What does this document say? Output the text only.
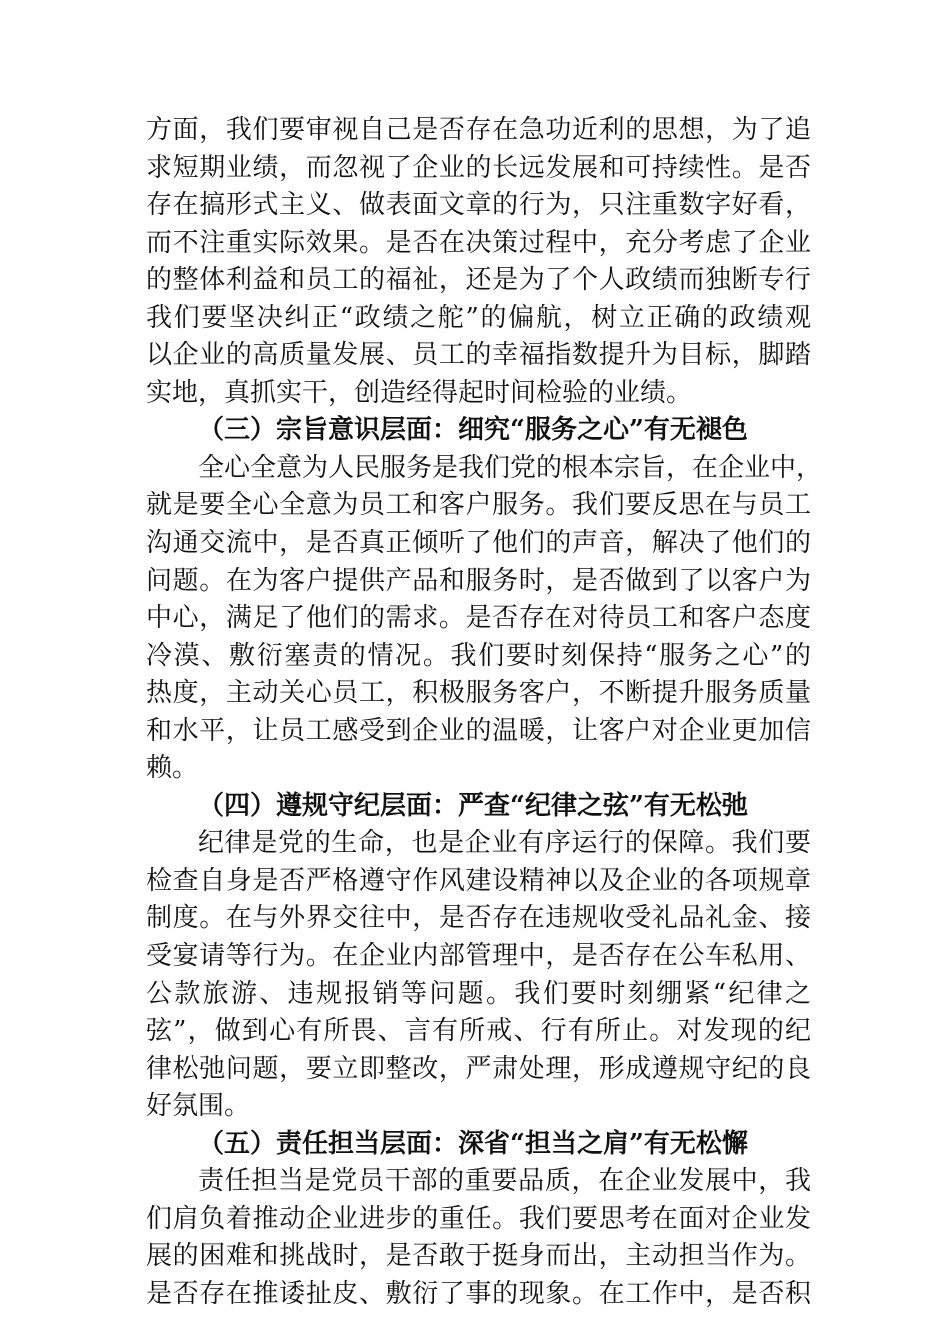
方面，我们要审视自己是否存在急功近利的思想，为了追
求短期业绩，而忽视了企业的长远发展和可持续性。是否
存在搞形式主义、做表面文章的行为，只注重数字好看，
而不注重实际效果。是否在决策过程中，充分考虑了企业
的整体利益和员工的福祉，还是为了个人政绩而独断专行
我们要坚决纠正“政绩之舵”的偏航，树立正确的政绩观
以企业的高质量发展、员工的幸福指数提升为目标，脚踏
实地，真抓实干，创造经得起时间检验的业绩。
（三）宗旨意识层面：细究“服务之心”有无褪色
全心全意为人民服务是我们党的根本宗旨，在企业中，
就是要全心全意为员工和客户服务。我们要反思在与员工
沟通交流中，是否真正倾听了他们的声音，解决了他们的
问题。在为客户提供产品和服务时，是否做到了以客户为
中心，满足了他们的需求。是否存在对待员工和客户态度
冷漠、敷衍塞责的情况。我们要时刻保持“服务之心”的
热度，主动关心员工，积极服务客户，不断提升服务质量
和水平，让员工感受到企业的温暖，让客户对企业更加信
赖。
（四）遵规守纪层面：严查“纪律之弦”有无松弛
纪律是党的生命，也是企业有序运行的保障。我们要
检查自身是否严格遵守作风建设精神以及企业的各项规章
制度。在与外界交往中，是否存在违规收受礼品礼金、接
受宴请等行为。在企业内部管理中，是否存在公车私用、
公款旅游、违规报销等问题。我们要时刻绷紧“纪律之
弦”，做到心有所畏、言有所戒、行有所止。对发现的纪
律松弛问题，要立即整改，严肃处理，形成遵规守纪的良
好氛围。
（五）责任担当层面：深省“担当之肩”有无松懈
责任担当是党员干部的重要品质，在企业发展中，我
们肩负着推动企业进步的重任。我们要思考在面对企业发
展的困难和挑战时，是否敢于挺身而出，主动担当作为。
是否存在推诿扯皮、敷衍了事的现象。在工作中，是否积
